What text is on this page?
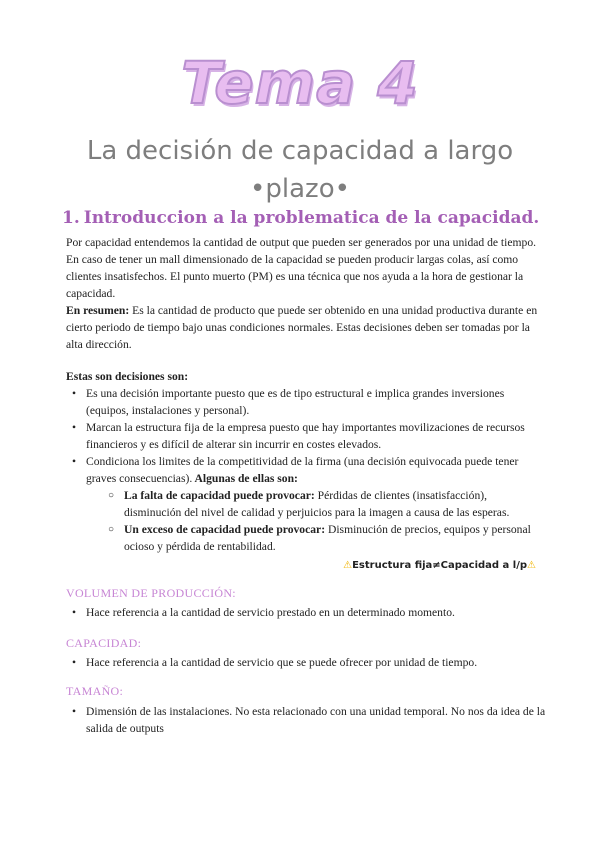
Tema 4
La decisión de capacidad a largo •plazo•
1. Introduccion a la problematica de la capacidad.

Por capacidad entendemos la cantidad de output que pueden ser generados por una unidad de tiempo. En caso de tener un mall dimensionado de la capacidad se pueden producir largas colas, así como clientes insatisfechos. El punto muerto (PM) es una técnica que nos ayuda a la hora de gestionar la capacidad.

En resumen: Es la cantidad de producto que puede ser obtenido en una unidad productiva durante en cierto periodo de tiempo bajo unas condiciones normales. Estas decisiones deben ser tomadas por la alta dirección.

Estas son decisiones son:

• Es una decisión importante puesto que es de tipo estructural e implica grandes inversiones (equipos, instalaciones y personal).
• Marcan la estructura fija de la empresa puesto que hay importantes movilizaciones de recursos financieros y es difícil de alterar sin incurrir en costes elevados.
• Condiciona los limites de la competitividad de la firma (una decisión equivocada puede tener graves consecuencias). Algunas de ellas son:
○ La falta de capacidad puede provocar: Pérdidas de clientes (insatisfacción), disminución del nivel de calidad y perjuicios para la imagen a causa de las esperas.
○ Un exceso de capacidad puede provocar: Disminución de precios, equipos y personal ocioso y pérdida de rentabilidad.
⚠Estructura fija≠Capacidad a l/p⚠
VOLUMEN DE PRODUCCIÓN:
• Hace referencia a la cantidad de servicio prestado en un determinado momento.
CAPACIDAD:
• Hace referencia a la cantidad de servicio que se puede ofrecer por unidad de tiempo.
TAMAÑO:
• Dimensión de las instalaciones. No esta relacionado con una unidad temporal. No nos da idea de la salida de outputs
